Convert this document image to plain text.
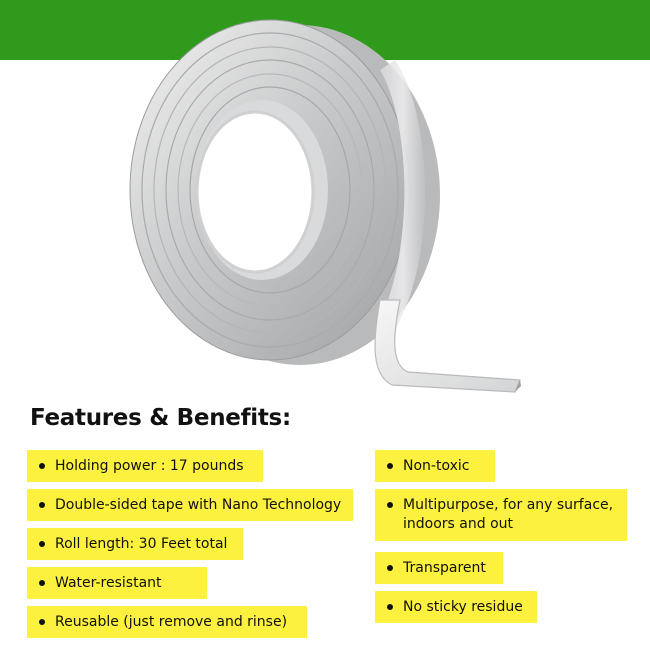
Features & Benefits:
Holding power : 17 pounds
Double-sided tape with Nano Technology
Roll length: 30 Feet total
Water-resistant
Reusable (just remove and rinse)
Non-toxic
Multipurpose, for any surface,
indoors and out
Transparent
No sticky residue
